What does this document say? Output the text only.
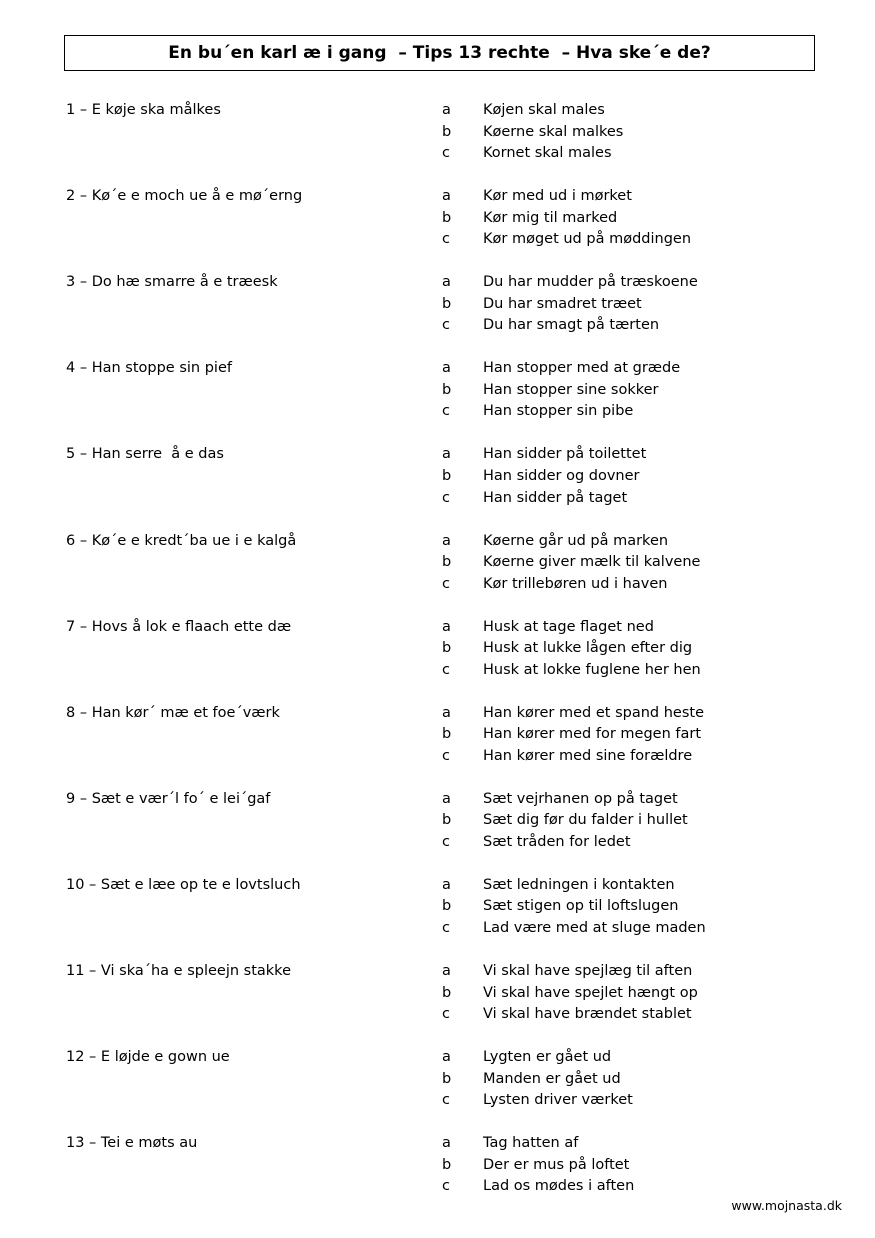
En bu´en karl æ i gang  – Tips 13 rechte  – Hva ske´e de?
1 – E køje ska målkes	a Køjen skal males
b Køerne skal malkes
c Kornet skal males
2 – Kø´e e moch ue å e mø´erng	a Kør med ud i mørket
b Kør mig til marked
c Kør møget ud på møddingen
3 – Do hæ smarre å e træesk	a Du har mudder på træskoene
b Du har smadret træet
c Du har smagt på tærten
4 – Han stoppe sin pief	a Han stopper med at græde
b Han stopper sine sokker
c Han stopper sin pibe
5 – Han serre  å e das	a Han sidder på toilettet
b Han sidder og dovner
c Han sidder på taget
6 – Kø´e e kredt´ba ue i e kalgå	a Køerne går ud på marken
b Køerne giver mælk til kalvene
c Kør trillebøren ud i haven
7 – Hovs å lok e flaach ette dæ	a Husk at tage flaget ned
b Husk at lukke lågen efter dig
c Husk at lokke fuglene her hen
8 – Han kør´ mæ et foe´værk	a Han kører med et spand heste
b Han kører med for megen fart
c Han kører med sine forældre
9 – Sæt e vær´l fo´ e lei´gaf	a Sæt vejrhanen op på taget
b Sæt dig før du falder i hullet
c Sæt tråden for ledet
10 – Sæt e læe op te e lovtsluch	a Sæt ledningen i kontakten
b Sæt stigen op til loftslugen
c Lad være med at sluge maden
11 – Vi ska´ha e spleejn stakke	a Vi skal have spejlæg til aften
b Vi skal have spejlet hængt op
c Vi skal have brændet stablet
12 – E løjde e gown ue	a Lygten er gået ud
b Manden er gået ud
c Lysten driver værket
13 – Tei e møts au	a Tag hatten af
b Der er mus på loftet
c Lad os mødes i aften
www.mojnasta.dk
